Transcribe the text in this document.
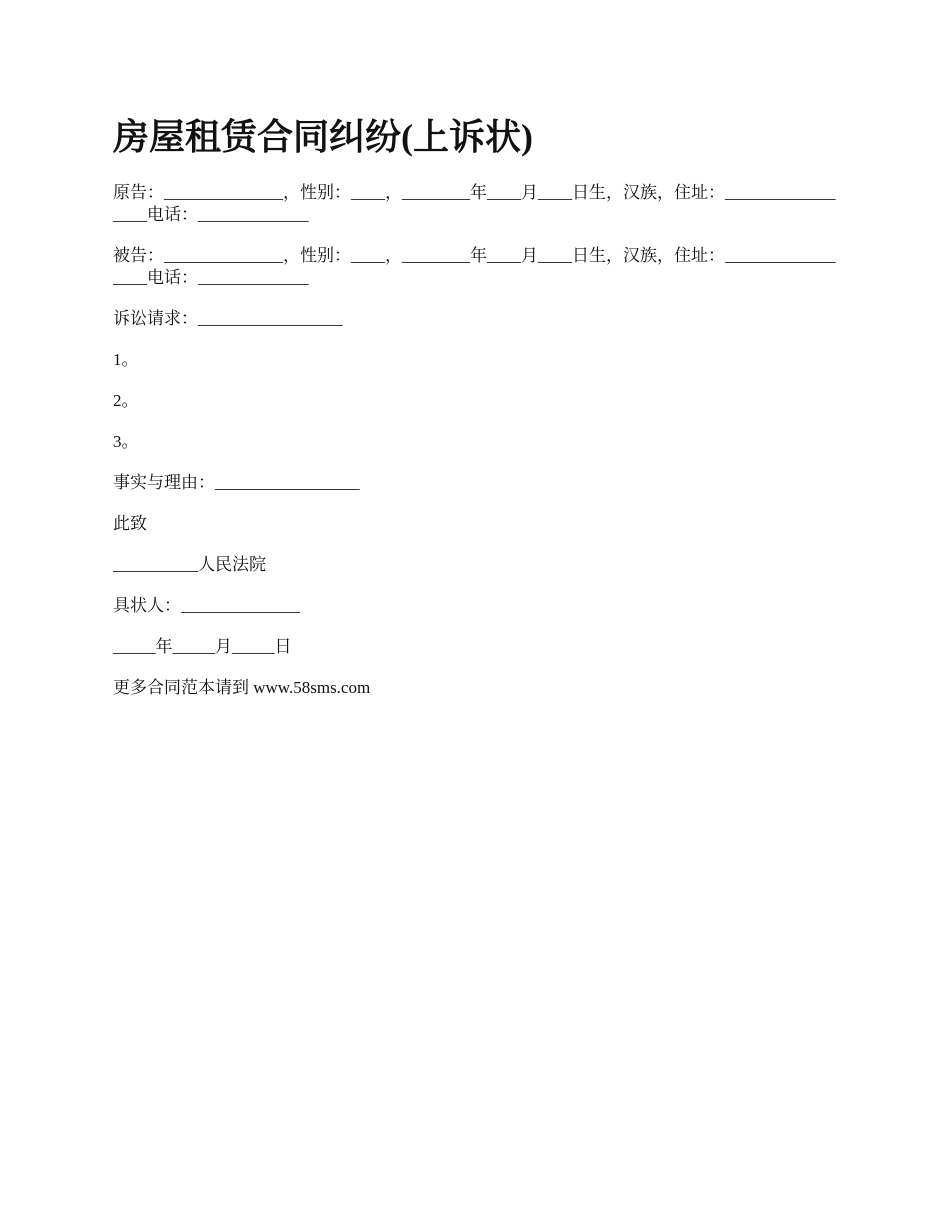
房屋租赁合同纠纷(上诉状)

原告：______________，性别：____，________年____月____日生，汉族，住址：_________________电话：_____________

被告：______________，性别：____，________年____月____日生，汉族，住址：_________________电话：_____________

诉讼请求：_________________

1。

2。

3。

事实与理由：_________________

此致

__________人民法院

具状人：______________

_____年_____月_____日

更多合同范本请到 www.58sms.com
